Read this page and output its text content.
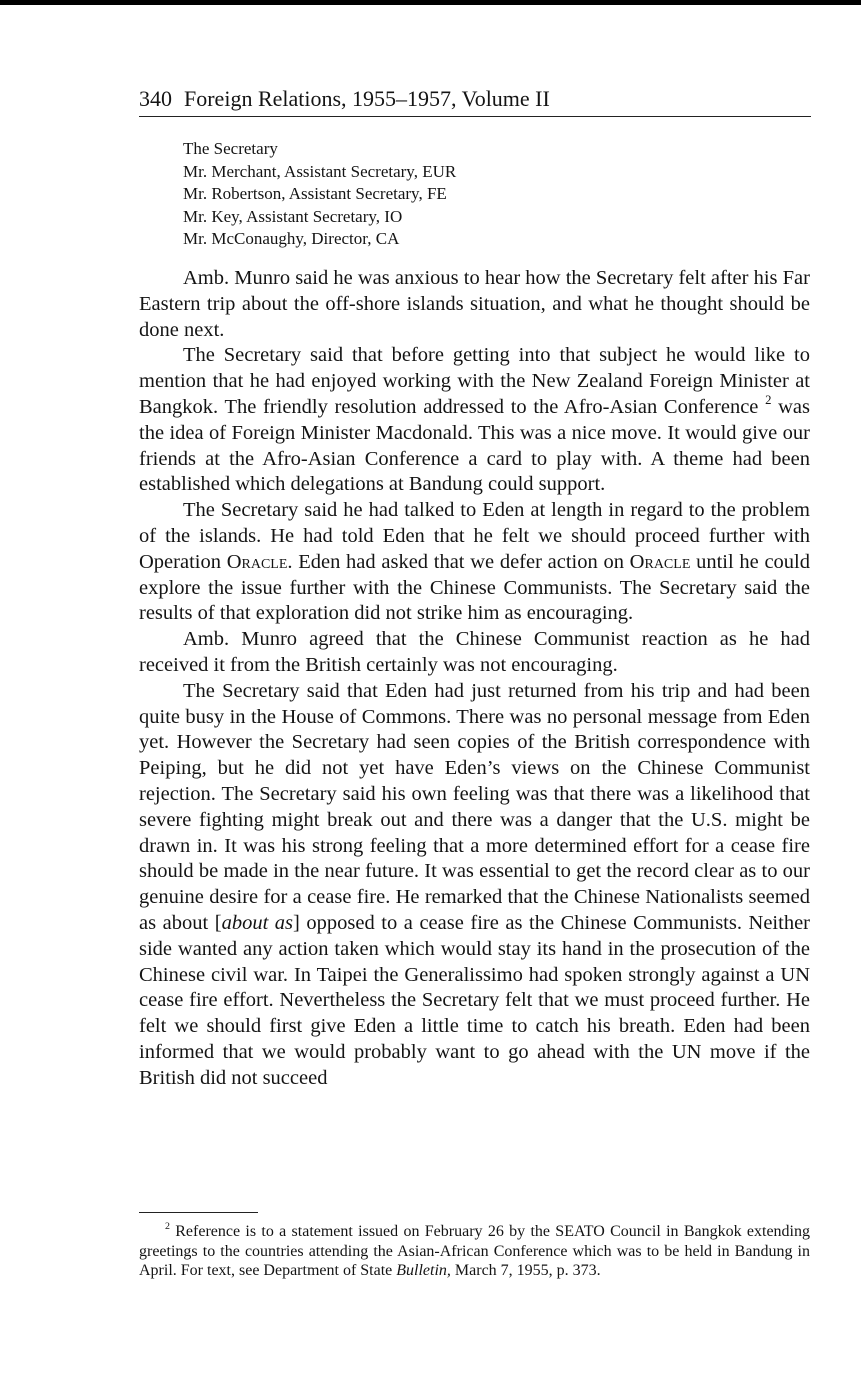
340 Foreign Relations, 1955–1957, Volume II
The Secretary
Mr. Merchant, Assistant Secretary, EUR
Mr. Robertson, Assistant Secretary, FE
Mr. Key, Assistant Secretary, IO
Mr. McConaughy, Director, CA

Amb. Munro said he was anxious to hear how the Secretary felt after his Far Eastern trip about the off-shore islands situation, and what he thought should be done next.

The Secretary said that before getting into that subject he would like to mention that he had enjoyed working with the New Zealand Foreign Minister at Bangkok. The friendly resolution addressed to the Afro-Asian Conference $^2$ was the idea of Foreign Minister Macdonald. This was a nice move. It would give our friends at the Afro-Asian Conference a card to play with. A theme had been established which delegations at Bandung could support.

The Secretary said he had talked to Eden at length in regard to the problem of the islands. He had told Eden that he felt we should proceed further with Operation Oracle. Eden had asked that we defer action on Oracle until he could explore the issue further with the Chinese Communists. The Secretary said the results of that exploration did not strike him as encouraging.

Amb. Munro agreed that the Chinese Communist reaction as he had received it from the British certainly was not encouraging.

The Secretary said that Eden had just returned from his trip and had been quite busy in the House of Commons. There was no personal message from Eden yet. However the Secretary had seen copies of the British correspondence with Peiping, but he did not yet have Eden’s views on the Chinese Communist rejection. The Secretary said his own feeling was that there was a likelihood that severe fighting might break out and there was a danger that the U.S. might be drawn in. It was his strong feeling that a more determined effort for a cease fire should be made in the near future. It was essential to get the record clear as to our genuine desire for a cease fire. He remarked that the Chinese Nationalists seemed as about [about as] opposed to a cease fire as the Chinese Communists. Neither side wanted any action taken which would stay its hand in the prosecution of the Chinese civil war. In Taipei the Generalissimo had spoken strongly against a UN cease fire effort. Nevertheless the Secretary felt that we must proceed further. He felt we should first give Eden a little time to catch his breath. Eden had been informed that we would probably want to go ahead with the UN move if the British did not succeed

$^2$ Reference is to a statement issued on February 26 by the SEATO Council in Bangkok extending greetings to the countries attending the Asian-African Conference which was to be held in Bandung in April. For text, see Department of State Bulletin, March 7, 1955, p. 373.
